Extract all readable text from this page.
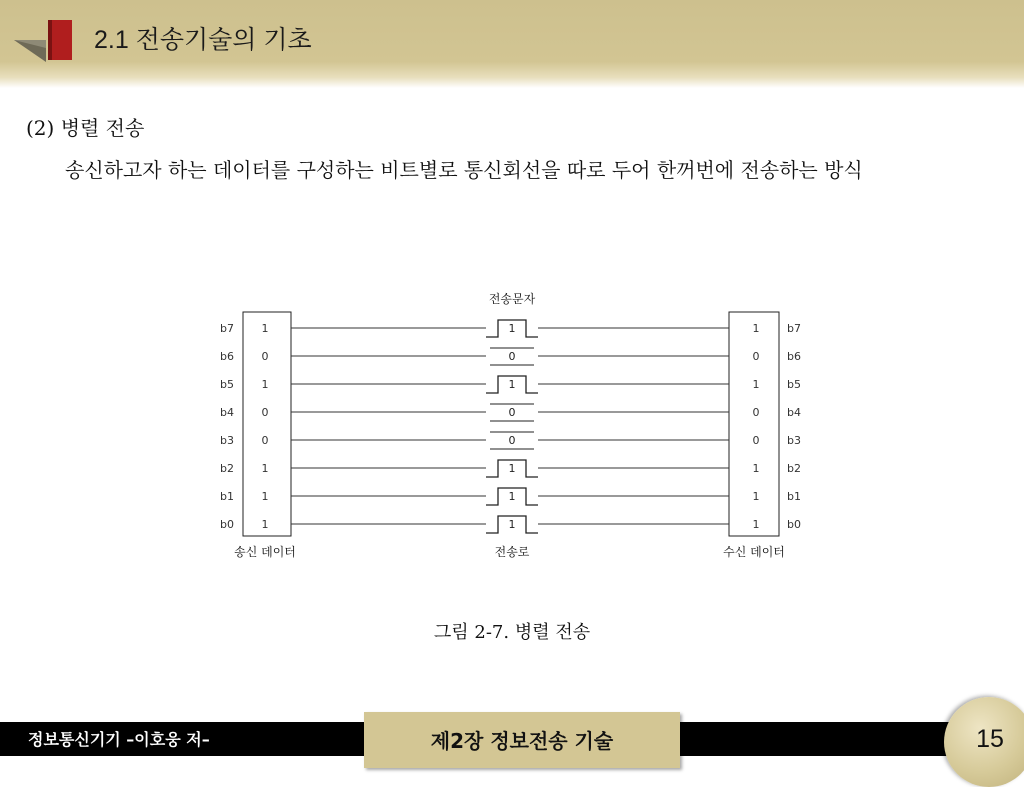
2.1 전송기술의 기초
(2) 병렬 전송
송신하고자 하는 데이터를 구성하는 비트별로 통신회선을 따로 두어 한꺼번에 전송하는 방식
전송문자
b7	b7
1	1
1
b6	b6
0	0
0
b5	b5
1	1
1
b4	b4
0	0
0
b3	b3
0	0
0
b2	b2
1	1
1
b1	b1
1	1
1
b0	b0
1	1
1
송신 데이터	전송로	수신 데이터
그림 2-7. 병렬 전송
정보통신기기 –이호웅 저–	제2장 정보전송 기술	15
